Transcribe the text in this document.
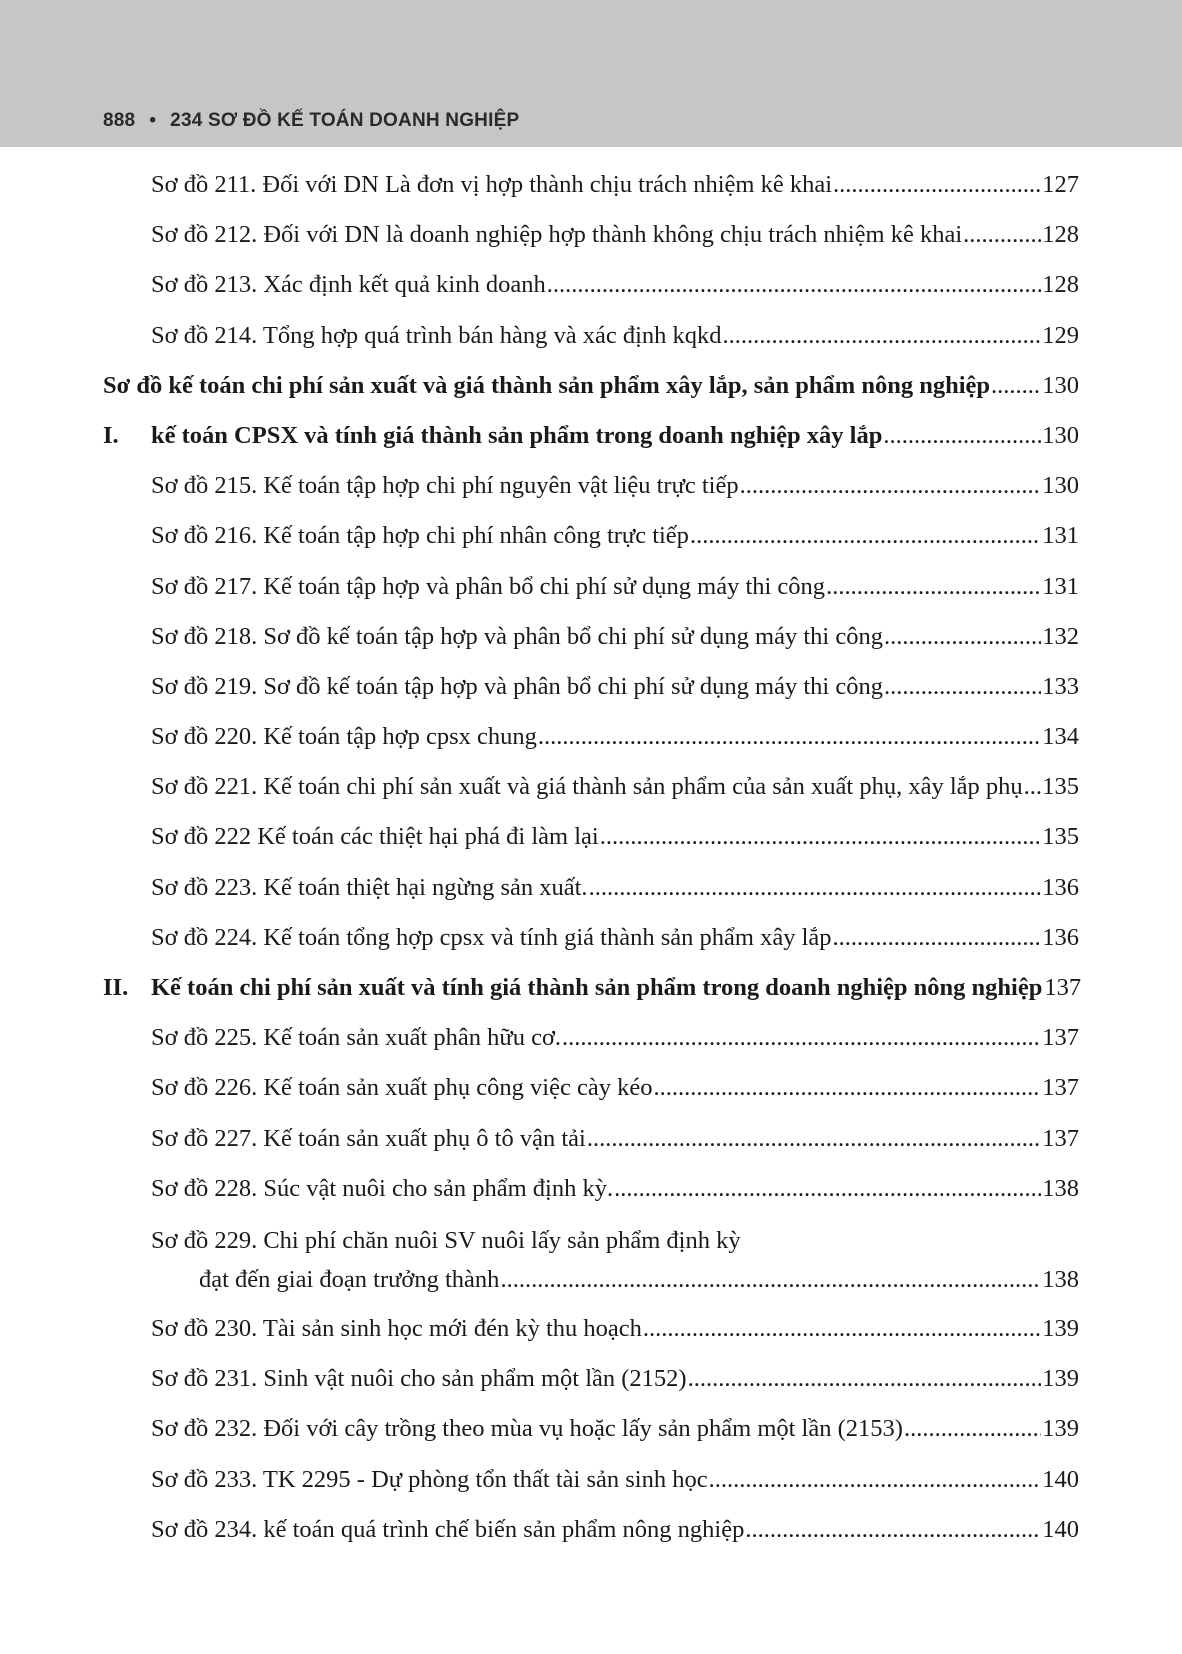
888 • 234 SƠ ĐỒ KẾ TOÁN DOANH NGHIỆP
Sơ đồ 211. Đối với DN Là đơn vị hợp thành chịu trách nhiệm kê khai .....	127
Sơ đồ 212. Đối với DN là doanh nghiệp hợp thành không chịu trách nhiệm kê khai .....	128
Sơ đồ 213. Xác định kết quả kinh doanh .....	128
Sơ đồ 214. Tổng hợp quá trình bán hàng và xác định kqkd .....	129
Sơ đồ kế toán chi phí sản xuất và giá thành sản phẩm xây lắp, sản phẩm nông nghiệp ..... 130
I.	kế toán CPSX và tính giá thành sản phẩm trong doanh nghiệp xây lắp .....	130
Sơ đồ 215. Kế toán tập hợp chi phí nguyên vật liệu trực tiếp .....	130
Sơ đồ 216. Kế toán tập hợp chi phí nhân công trực tiếp .....	131
Sơ đồ 217. Kế toán tập hợp và phân bổ chi phí sử dụng máy thi công .....	131
Sơ đồ 218. Sơ đồ kế toán tập hợp và phân bổ chi phí sử dụng máy thi công .....	132
Sơ đồ 219. Sơ đồ kế toán tập hợp và phân bổ chi phí sử dụng máy thi công .....	133
Sơ đồ 220. Kế toán tập hợp cpsx chung .....	134
Sơ đồ 221. Kế toán chi phí sản xuất và giá thành sản phẩm của sản xuất phụ, xây lắp phụ ..... 135
Sơ đồ 222 Kế toán các thiệt hại phá đi làm lại .....	135
Sơ đồ 223. Kế toán thiệt hại ngừng sản xuất. .....	136
Sơ đồ 224. Kế toán tổng hợp cpsx và tính giá thành sản phẩm xây lắp .....	136
II. Kế toán chi phí sản xuất và tính giá thành sản phẩm trong doanh nghiệp nông nghiệp 137
Sơ đồ 225. Kế toán sản xuất phân hữu cơ. .....	137
Sơ đồ 226. Kế toán sản xuất phụ công việc cày kéo .....	137
Sơ đồ 227. Kế toán sản xuất phụ ô tô vận tải .....	137
Sơ đồ 228. Súc vật nuôi cho sản phẩm định kỳ. .....	138
Sơ đồ 229. Chi phí chăn nuôi SV nuôi lấy sản phẩm định kỳ
đạt đến giai đoạn trưởng thành .....	138
Sơ đồ 230. Tài sản sinh học mới đén kỳ thu hoạch .....	139
Sơ đồ 231. Sinh vật nuôi cho sản phẩm một lần (2152) .....	139
Sơ đồ 232. Đối với cây trồng theo mùa vụ hoặc lấy sản phẩm một lần (2153) .....	139
Sơ đồ 233. TK 2295 - Dự phòng tổn thất tài sản sinh học .....	140
Sơ đồ 234. kế toán quá trình chế biến sản phẩm nông nghiệp .....	140
